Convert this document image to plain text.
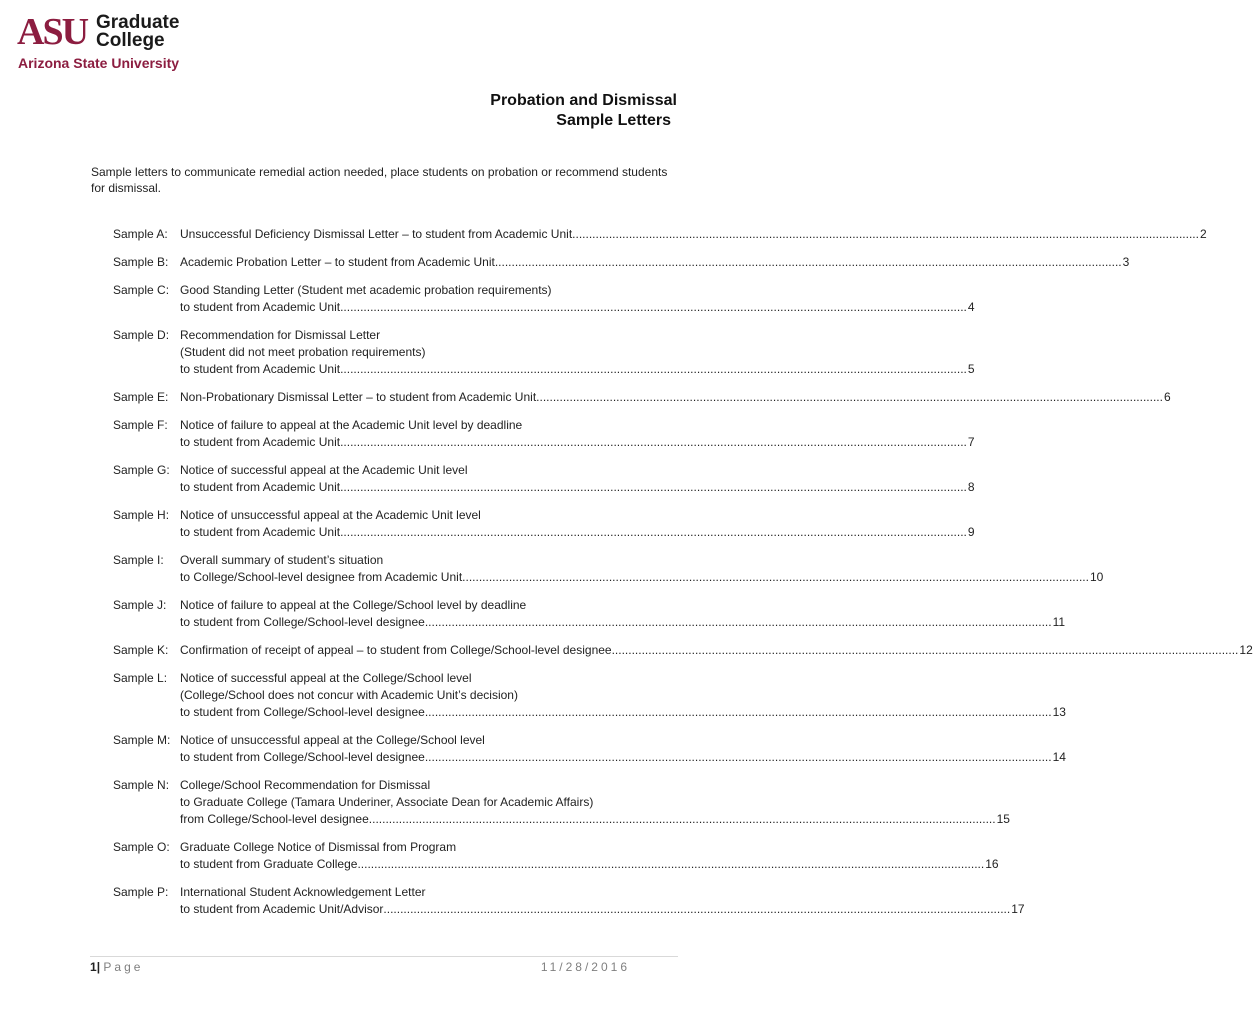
ASU Graduate
College
Arizona State University
Probation and Dismissal
Sample Letters
Sample letters to communicate remedial action needed, place students on probation or recommend students for dismissal.
Sample A:	Unsuccessful Deficiency Dismissal Letter – to student from Academic Unit .....	2
Sample B: Academic Probation Letter – to student from Academic Unit .....	3
Sample C: Good Standing Letter (Student met academic probation requirements)
to student from Academic Unit .....	4
Sample D: Recommendation for Dismissal Letter
(Student did not meet probation requirements)
to student from Academic Unit .....	5
Sample E: Non-Probationary Dismissal Letter – to student from Academic Unit .....	6
Sample F:	Notice of failure to appeal at the Academic Unit level by deadline
to student from Academic Unit .....	7
Sample G: Notice of successful appeal at the Academic Unit level
to student from Academic Unit .....	8
Sample H: Notice of unsuccessful appeal at the Academic Unit level
to student from Academic Unit .....	9
Sample I:	Overall summary of student’s situation
to College/School-level designee from Academic Unit .....	10
Sample J:	Notice of failure to appeal at the College/School level by deadline
to student from College/School-level designee .....	11
Sample K: Confirmation of receipt of appeal – to student from College/School-level designee .....	12
Sample L:	Notice of successful appeal at the College/School level
(College/School does not concur with Academic Unit’s decision)
to student from College/School-level designee .....	13
Sample M: Notice of unsuccessful appeal at the College/School level
to student from College/School-level designee .....	14
Sample N: College/School Recommendation for Dismissal
to Graduate College (Tamara Underiner, Associate Dean for Academic Affairs)
from College/School-level designee .....	15
Sample O: Graduate College Notice of Dismissal from Program
to student from Graduate College .....	16
Sample P: International Student Acknowledgement Letter
to student from Academic Unit/Advisor .....	17
1| Page	11/28/2016
